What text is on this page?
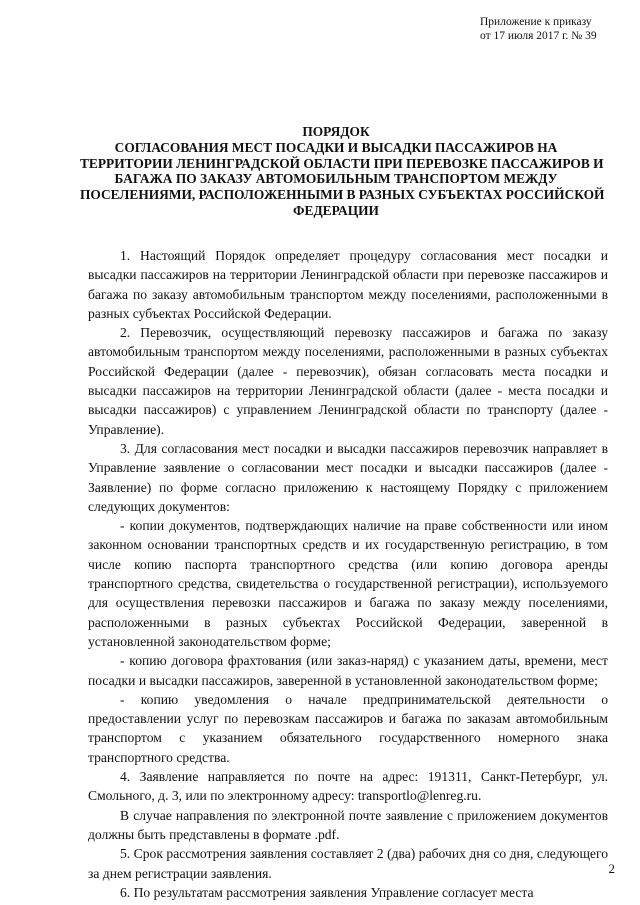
Приложение к приказу
от 17 июля 2017 г. № 39
ПОРЯДОК
СОГЛАСОВАНИЯ МЕСТ ПОСАДКИ И ВЫСАДКИ ПАССАЖИРОВ НА
ТЕРРИТОРИИ ЛЕНИНГРАДСКОЙ ОБЛАСТИ ПРИ ПЕРЕВОЗКЕ ПАССАЖИРОВ И
БАГАЖА ПО ЗАКАЗУ АВТОМОБИЛЬНЫМ ТРАНСПОРТОМ МЕЖДУ
ПОСЕЛЕНИЯМИ, РАСПОЛОЖЕННЫМИ В РАЗНЫХ СУБЪЕКТАХ РОССИЙСКОЙ
ФЕДЕРАЦИИ

1. Настоящий Порядок определяет процедуру согласования мест посадки и высадки пассажиров на территории Ленинградской области при перевозке пассажиров и багажа по заказу автомобильным транспортом между поселениями, расположенными в разных субъектах Российской Федерации.

2. Перевозчик, осуществляющий перевозку пассажиров и багажа по заказу автомобильным транспортом между поселениями, расположенными в разных субъектах Российской Федерации (далее - перевозчик), обязан согласовать места посадки и высадки пассажиров на территории Ленинградской области (далее - места посадки и высадки пассажиров) с управлением Ленинградской области по транспорту (далее - Управление).

3. Для согласования мест посадки и высадки пассажиров перевозчик направляет в Управление заявление о согласовании мест посадки и высадки пассажиров (далее - Заявление) по форме согласно приложению к настоящему Порядку с приложением следующих документов:

- копии документов, подтверждающих наличие на праве собственности или ином законном основании транспортных средств и их государственную регистрацию, в том числе копию паспорта транспортного средства (или копию договора аренды транспортного средства, свидетельства о государственной регистрации), используемого для осуществления перевозки пассажиров и багажа по заказу между поселениями, расположенными в разных субъектах Российской Федерации, заверенной в установленной законодательством форме;

- копию договора фрахтования (или заказ-наряд) с указанием даты, времени, мест посадки и высадки пассажиров, заверенной в установленной законодательством форме;

- копию уведомления о начале предпринимательской деятельности о предоставлении услуг по перевозкам пассажиров и багажа по заказам автомобильным транспортом с указанием обязательного государственного номерного знака транспортного средства.

4. Заявление направляется по почте на адрес: 191311, Санкт-Петербург, ул. Смольного, д. 3, или по электронному адресу: transportlo@lenreg.ru.

В случае направления по электронной почте заявление с приложением документов должны быть представлены в формате .pdf.

5. Срок рассмотрения заявления составляет 2 (два) рабочих дня со дня, следующего за днем регистрации заявления.

6. По результатам рассмотрения заявления Управление согласует места

2
